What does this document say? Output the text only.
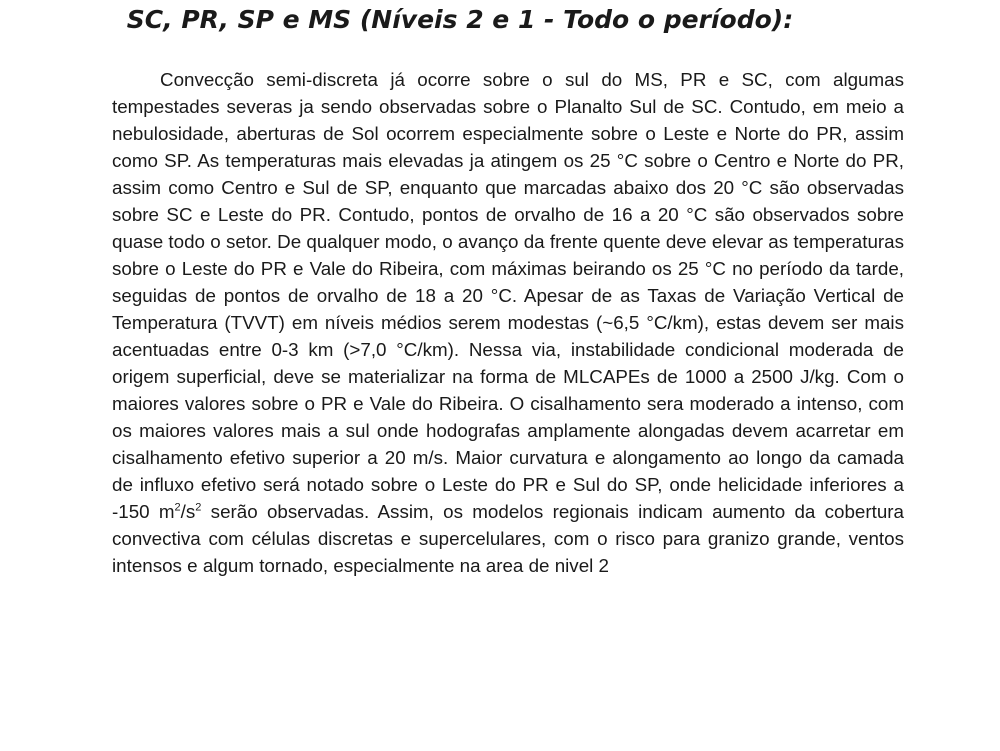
SC, PR, SP e MS (Níveis 2 e 1 - Todo o período):

Convecção semi-discreta já ocorre sobre o sul do MS, PR e SC, com algumas tempestades severas ja sendo observadas sobre o Planalto Sul de SC. Contudo, em meio a nebulosidade, aberturas de Sol ocorrem especialmente sobre o Leste e Norte do PR, assim como SP. As temperaturas mais elevadas ja atingem os 25 °C sobre o Centro e Norte do PR, assim como Centro e Sul de SP, enquanto que marcadas abaixo dos 20 °C são observadas sobre SC e Leste do PR. Contudo, pontos de orvalho de 16 a 20 °C são observados sobre quase todo o setor. De qualquer modo, o avanço da frente quente deve elevar as temperaturas sobre o Leste do PR e Vale do Ribeira, com máximas beirando os 25 °C no período da tarde, seguidas de pontos de orvalho de 18 a 20 °C. Apesar de as Taxas de Variação Vertical de Temperatura (TVVT) em níveis médios serem modestas (~6,5 °C/km), estas devem ser mais acentuadas entre 0-3 km (>7,0 °C/km). Nessa via, instabilidade condicional moderada de origem superficial, deve se materializar na forma de MLCAPEs de 1000 a 2500 J/kg. Com o maiores valores sobre o PR e Vale do Ribeira. O cisalhamento sera moderado a intenso, com os maiores valores mais a sul onde hodografas amplamente alongadas devem acarretar em cisalhamento efetivo superior a 20 m/s. Maior curvatura e alongamento ao longo da camada de influxo efetivo será notado sobre o Leste do PR e Sul do SP, onde helicidade inferiores a -150 $m^2/s^2$ serão observadas. Assim, os modelos regionais indicam aumento da cobertura convectiva com células discretas e supercelulares, com o risco para granizo grande, ventos intensos e algum tornado, especialmente na area de nivel 2
